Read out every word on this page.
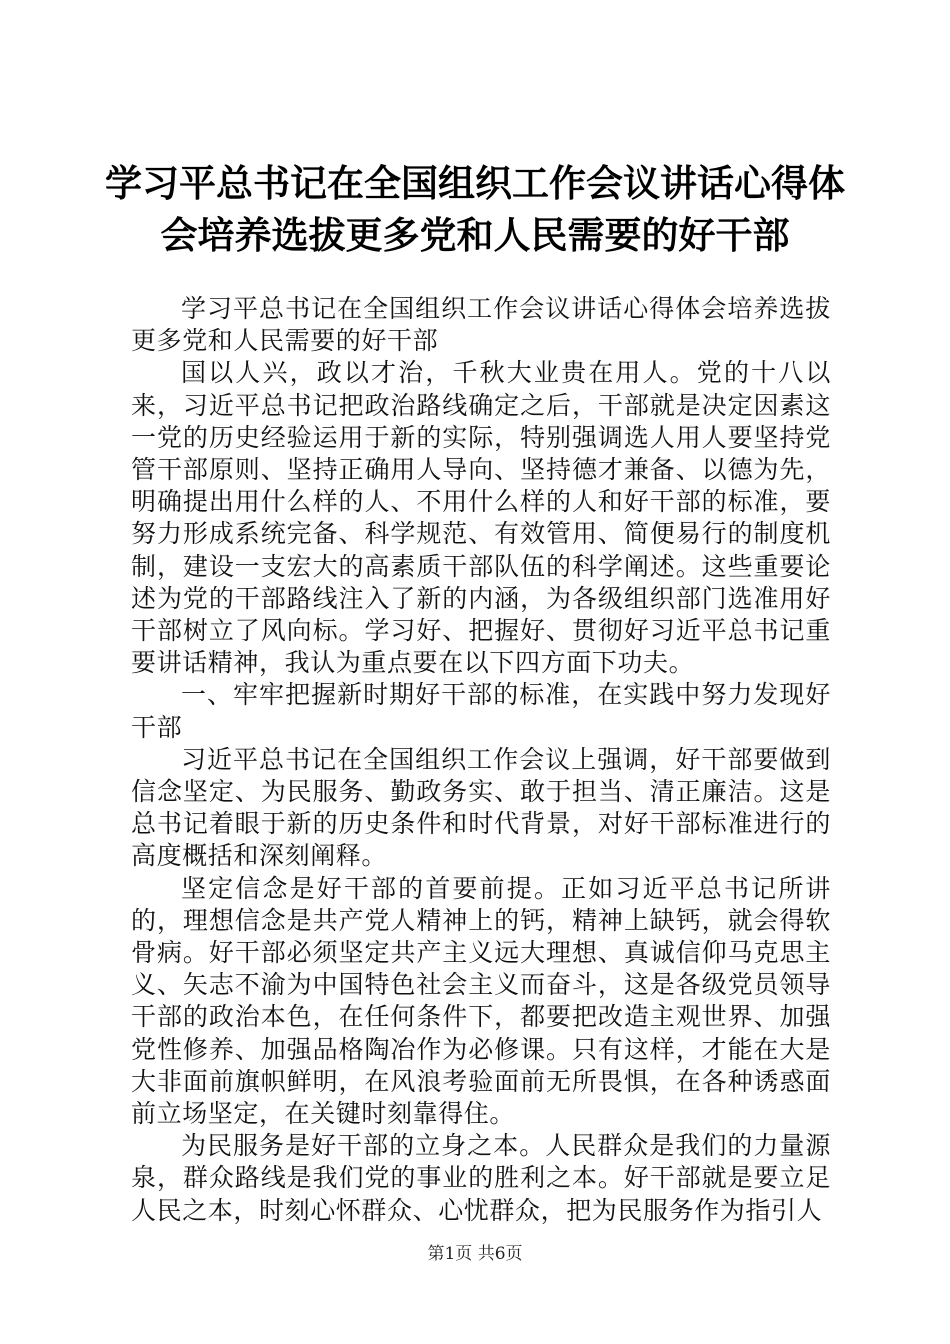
学习平总书记在全国组织工作会议讲话心得体
会培养选拔更多党和人民需要的好干部

学习平总书记在全国组织工作会议讲话心得体会培养选拔更多党和人民需要的好干部

国以人兴，政以才治，千秋大业贵在用人。党的十八以来，习近平总书记把政治路线确定之后，干部就是决定因素这一党的历史经验运用于新的实际，特别强调选人用人要坚持党管干部原则、坚持正确用人导向、坚持德才兼备、以德为先，明确提出用什么样的人、不用什么样的人和好干部的标准，要努力形成系统完备、科学规范、有效管用、简便易行的制度机制，建设一支宏大的高素质干部队伍的科学阐述。这些重要论述为党的干部路线注入了新的内涵，为各级组织部门选准用好干部树立了风向标。学习好、把握好、贯彻好习近平总书记重要讲话精神，我认为重点要在以下四方面下功夫。

一、牢牢把握新时期好干部的标准，在实践中努力发现好干部

习近平总书记在全国组织工作会议上强调，好干部要做到信念坚定、为民服务、勤政务实、敢于担当、清正廉洁。这是总书记着眼于新的历史条件和时代背景，对好干部标准进行的高度概括和深刻阐释。

坚定信念是好干部的首要前提。正如习近平总书记所讲的，理想信念是共产党人精神上的钙，精神上缺钙，就会得软骨病。好干部必须坚定共产主义远大理想、真诚信仰马克思主义、矢志不渝为中国特色社会主义而奋斗，这是各级党员领导干部的政治本色，在任何条件下，都要把改造主观世界、加强党性修养、加强品格陶冶作为必修课。只有这样，才能在大是大非面前旗帜鲜明，在风浪考验面前无所畏惧，在各种诱惑面前立场坚定，在关键时刻靠得住。

为民服务是好干部的立身之本。人民群众是我们的力量源泉，群众路线是我们党的事业的胜利之本。好干部就是要立足人民之本，时刻心怀群众、心忧群众，把为民服务作为指引人

第1页 共6页
